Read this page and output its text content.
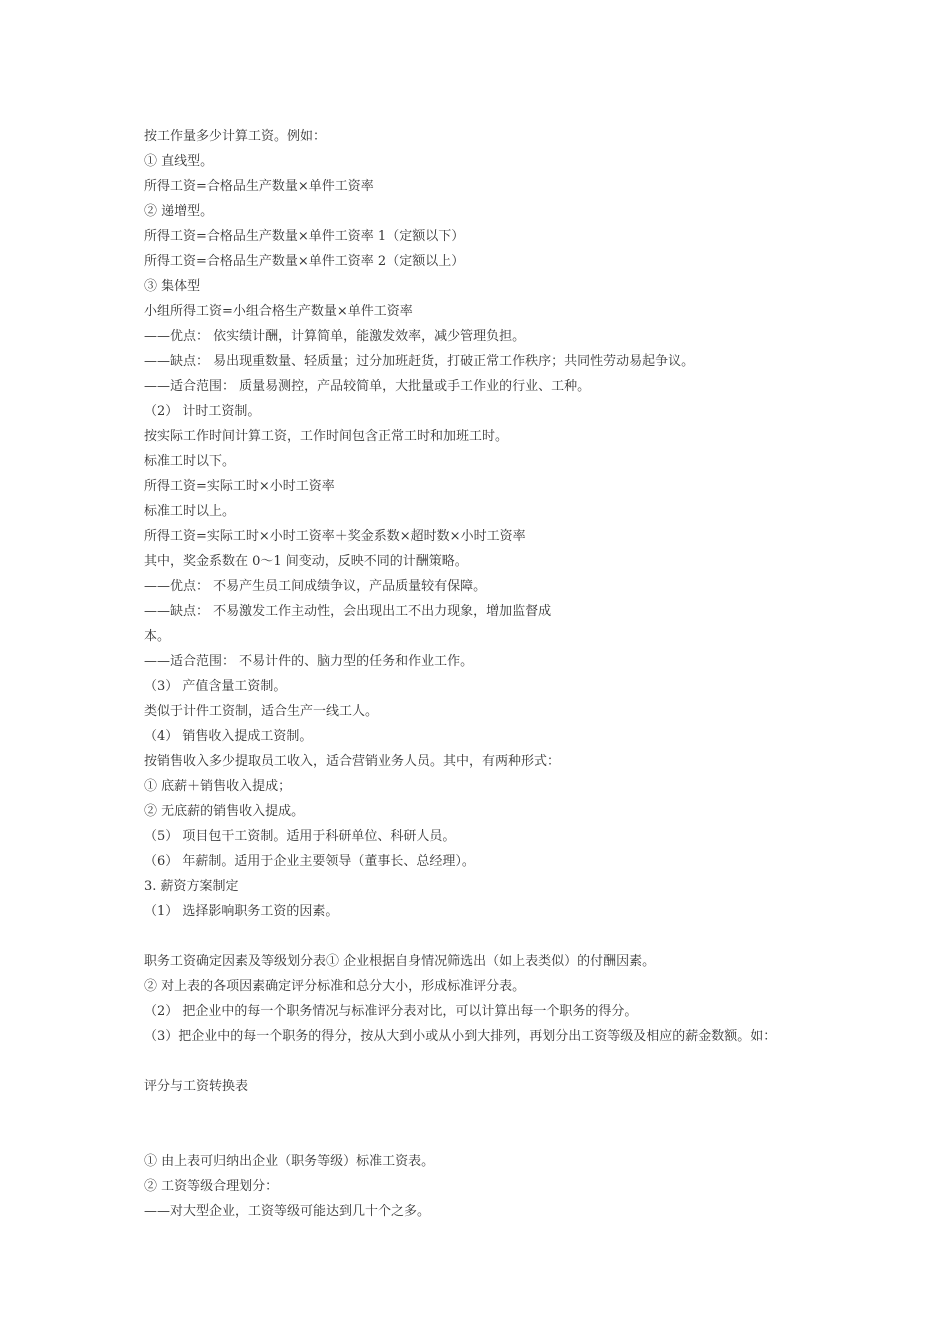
按工作量多少计算工资。例如：
① 直线型。
所得工资=合格品生产数量×单件工资率
② 递增型。
所得工资=合格品生产数量×单件工资率 1（定额以下）
所得工资=合格品生产数量×单件工资率 2（定额以上）
③ 集体型
小组所得工资=小组合格生产数量×单件工资率
——优点： 依实绩计酬，计算简单，能激发效率，减少管理负担。
——缺点： 易出现重数量、轻质量；过分加班赶货，打破正常工作秩序；共同性劳动易起争议。
——适合范围： 质量易测控，产品较简单，大批量或手工作业的行业、工种。
（2） 计时工资制。
按实际工作时间计算工资，工作时间包含正常工时和加班工时。
标准工时以下。
所得工资=实际工时×小时工资率
标准工时以上。
所得工资=实际工时×小时工资率＋奖金系数×超时数×小时工资率
其中，奖金系数在 0～1 间变动，反映不同的计酬策略。
——优点： 不易产生员工间成绩争议，产品质量较有保障。
——缺点： 不易激发工作主动性，会出现出工不出力现象，增加监督成
本。
——适合范围： 不易计件的、脑力型的任务和作业工作。
（3） 产值含量工资制。
类似于计件工资制，适合生产一线工人。
（4） 销售收入提成工资制。
按销售收入多少提取员工收入，适合营销业务人员。其中，有两种形式：
① 底薪＋销售收入提成；
② 无底薪的销售收入提成。
（5） 项目包干工资制。适用于科研单位、科研人员。
（6） 年薪制。适用于企业主要领导（董事长、总经理）。
3. 薪资方案制定
（1） 选择影响职务工资的因素。
职务工资确定因素及等级划分表① 企业根据自身情况筛选出（如上表类似）的付酬因素。
② 对上表的各项因素确定评分标准和总分大小，形成标准评分表。
（2） 把企业中的每一个职务情况与标准评分表对比，可以计算出每一个职务的得分。
（3）把企业中的每一个职务的得分，按从大到小或从小到大排列，再划分出工资等级及相应的薪金数额。如：
评分与工资转换表
① 由上表可归纳出企业（职务等级）标准工资表。
② 工资等级合理划分：
——对大型企业，工资等级可能达到几十个之多。
